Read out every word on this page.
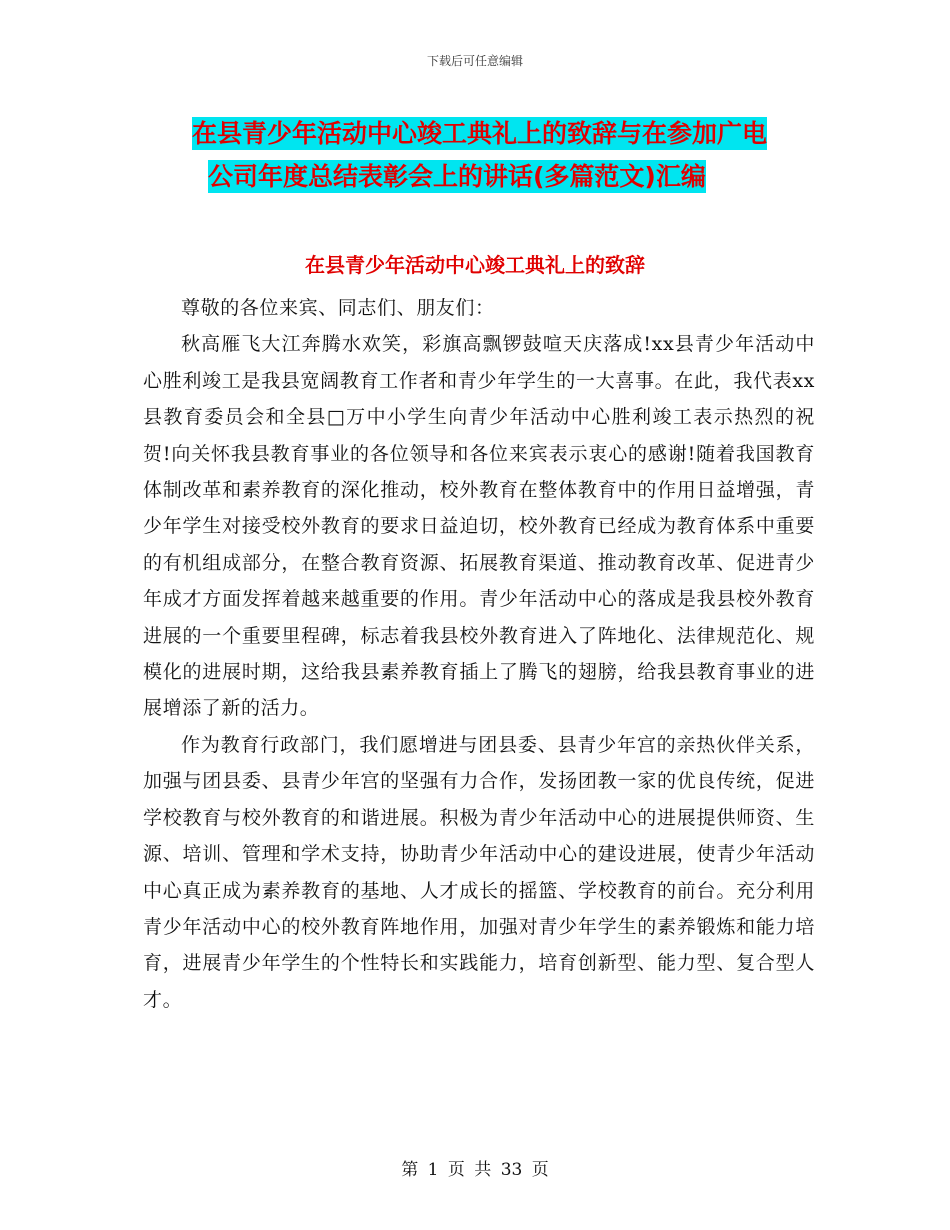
下载后可任意编辑
在县青少年活动中心竣工典礼上的致辞与在参加广电
公司年度总结表彰会上的讲话(多篇范文)汇编
在县青少年活动中心竣工典礼上的致辞

尊敬的各位来宾、同志们、朋友们：

秋高雁飞大江奔腾水欢笑，彩旗高飘锣鼓喧天庆落成!xx县青少年活动中心胜利竣工是我县宽阔教育工作者和青少年学生的一大喜事。在此，我代表xx县教育委员会和全县□万中小学生向青少年活动中心胜利竣工表示热烈的祝贺!向关怀我县教育事业的各位领导和各位来宾表示衷心的感谢!随着我国教育体制改革和素养教育的深化推动，校外教育在整体教育中的作用日益增强，青少年学生对接受校外教育的要求日益迫切，校外教育已经成为教育体系中重要的有机组成部分，在整合教育资源、拓展教育渠道、推动教育改革、促进青少年成才方面发挥着越来越重要的作用。青少年活动中心的落成是我县校外教育进展的一个重要里程碑，标志着我县校外教育进入了阵地化、法律规范化、规模化的进展时期，这给我县素养教育插上了腾飞的翅膀，给我县教育事业的进展增添了新的活力。

作为教育行政部门，我们愿增进与团县委、县青少年宫的亲热伙伴关系，加强与团县委、县青少年宫的坚强有力合作，发扬团教一家的优良传统，促进学校教育与校外教育的和谐进展。积极为青少年活动中心的进展提供师资、生源、培训、管理和学术支持，协助青少年活动中心的建设进展，使青少年活动中心真正成为素养教育的基地、人才成长的摇篮、学校教育的前台。充分利用青少年活动中心的校外教育阵地作用，加强对青少年学生的素养锻炼和能力培育，进展青少年学生的个性特长和实践能力，培育创新型、能力型、复合型人才。

第 1 页 共 33 页
